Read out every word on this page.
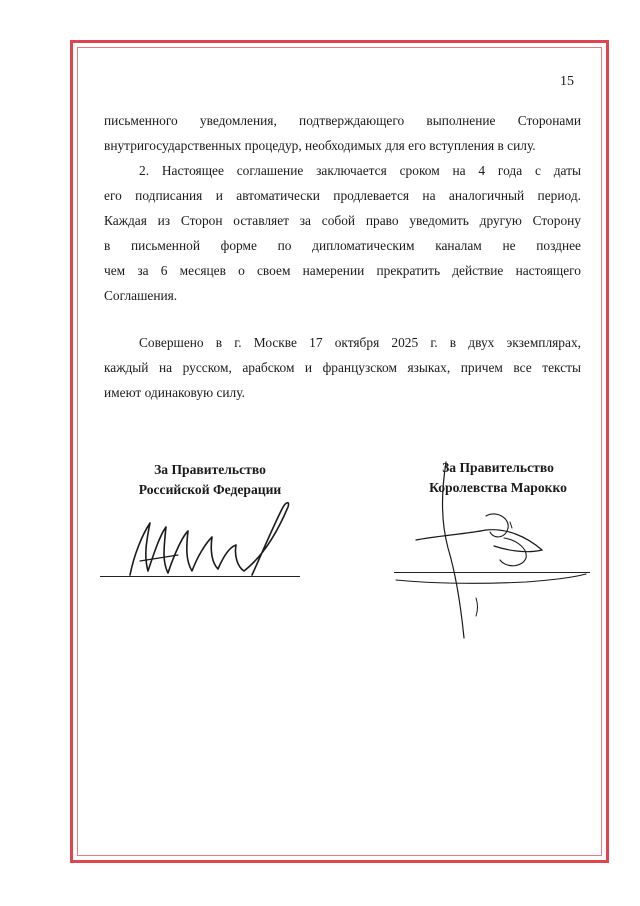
15
письменного уведомления, подтверждающего выполнение Сторонами
внутригосударственных процедур, необходимых для его вступления в силу.
2. Настоящее соглашение заключается сроком на 4 года с даты
его подписания и автоматически продлевается на аналогичный период.
Каждая из Сторон оставляет за собой право уведомить другую Сторону
в письменной форме по дипломатическим каналам не позднее
чем за 6 месяцев о своем намерении прекратить действие настоящего
Соглашения.
Совершено в г. Москве 17 октября 2025 г. в двух экземплярах,
каждый на русском, арабском и французском языках, причем все тексты
имеют одинаковую силу.
За Правительство
Российской Федерации
За Правительство
Королевства Марокко
